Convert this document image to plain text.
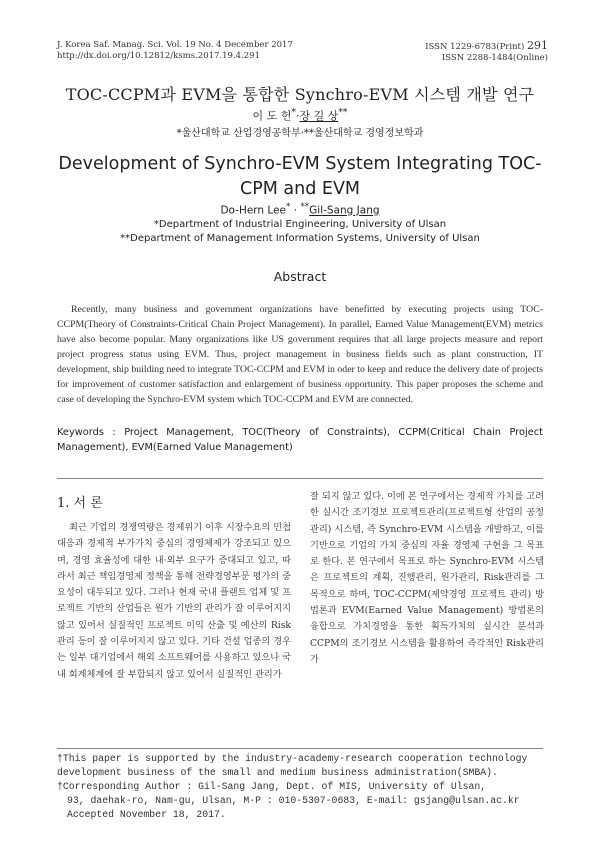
J. Korea Saf. Manag. Sci. Vol. 19 No. 4 December 2017
http://dx.doi.org/10.12812/ksms.2017.19.4.291
ISSN 1229-6783(Print) 291
ISSN 2288-1484(Online)
TOC-CCPM과 EVM을 통합한 Synchro-EVM 시스템 개발 연구
이 도 헌*·장 길 상**
*울산대학교 산업경영공학부·**울산대학교 경영정보학과
Development of Synchro-EVM System Integrating TOC-CPM and EVM
Do-Hern Lee* · **Gil-Sang Jang
*Department of Industrial Engineering, University of Ulsan
**Department of Management Information Systems, University of Ulsan
Abstract
Recently, many business and government organizations have benefitted by executing projects using TOC-CCPM(Theory of Constraints-Critical Chain Project Management). In parallel, Earned Value Management(EVM) metrics have also become popular. Many organizations like US government requires that all large projects measure and report project progress status using EVM. Thus, project management in business fields such as plant construction, IT development, ship building need to integrate TOC-CCPM and EVM in oder to keep and reduce the delivery date of projects for improvement of customer satisfaction and enlargement of business opportunity. This paper proposes the scheme and case of developing the Synchro-EVM system which TOC-CCPM and EVM are connected.
Keywords : Project Management, TOC(Theory of Constraints), CCPM(Critical Chain Project Management), EVM(Earned Value Management)
1. 서 론
최근 기업의 경쟁역량은 경제위기 이후 시장수요의 민첩 대응과 경제적 부가가치 중심의 경영체제가 강조되고 있으며, 경영 효율성에 대한 내·외부 요구가 증대되고 있고, 따라서 최근 책임경영제 정책을 통해 전략경영부문 평가의 중요성이 대두되고 있다. 그러나 현재 국내 플랜트 업체 및 프로젝트 기반의 산업들은 원가 기반의 관리가 잘 이루어지지 않고 있어서 실질적인 프로젝트 이익 산출 및 예산의 Risk관리 등이 잘 이루어지지 않고 있다. 기타 건설 업종의 경우는 일부 대기업에서 해외 소프트웨어를 사용하고 있으나 국내 회계체계에 잘 부합되지 않고 있어서 실질적인 관리가
잘 되지 않고 있다. 이에 본 연구에서는 경제적 가치를 고려한 실시간 조기경보 프로젝트관리(프로젝트형 산업의 공정관리) 시스템, 즉 Synchro-EVM 시스템을 개발하고, 이를 기반으로 기업의 가치 중심의 자율 경영체 구현을 그 목표로 한다. 본 연구에서 목표로 하는 Synchro-EVM 시스템은 프로젝트의 계획, 진행관리, 원가관리, Risk관리를 그 목적으로 하며, TOC-CCPM(제약경영 프로젝트 관리) 방법론과 EVM(Earned Value Management) 방법론의 융합으로 가치경영을 통한 획득가치의 실시간 분석과 CCPM의 조기경보 시스템을 활용하여 즉각적인 Risk관리가
†This paper is supported by the industry-academy-research cooperation technology development business of the small and medium business administration(SMBA).
†Corresponding Author : Gil-Sang Jang, Dept. of MIS, University of Ulsan,
93, daehak-ro, Nam-gu, Ulsan, M·P : 010-5307-0683, E-mail: gsjang@ulsan.ac.kr
Accepted November 18, 2017.
